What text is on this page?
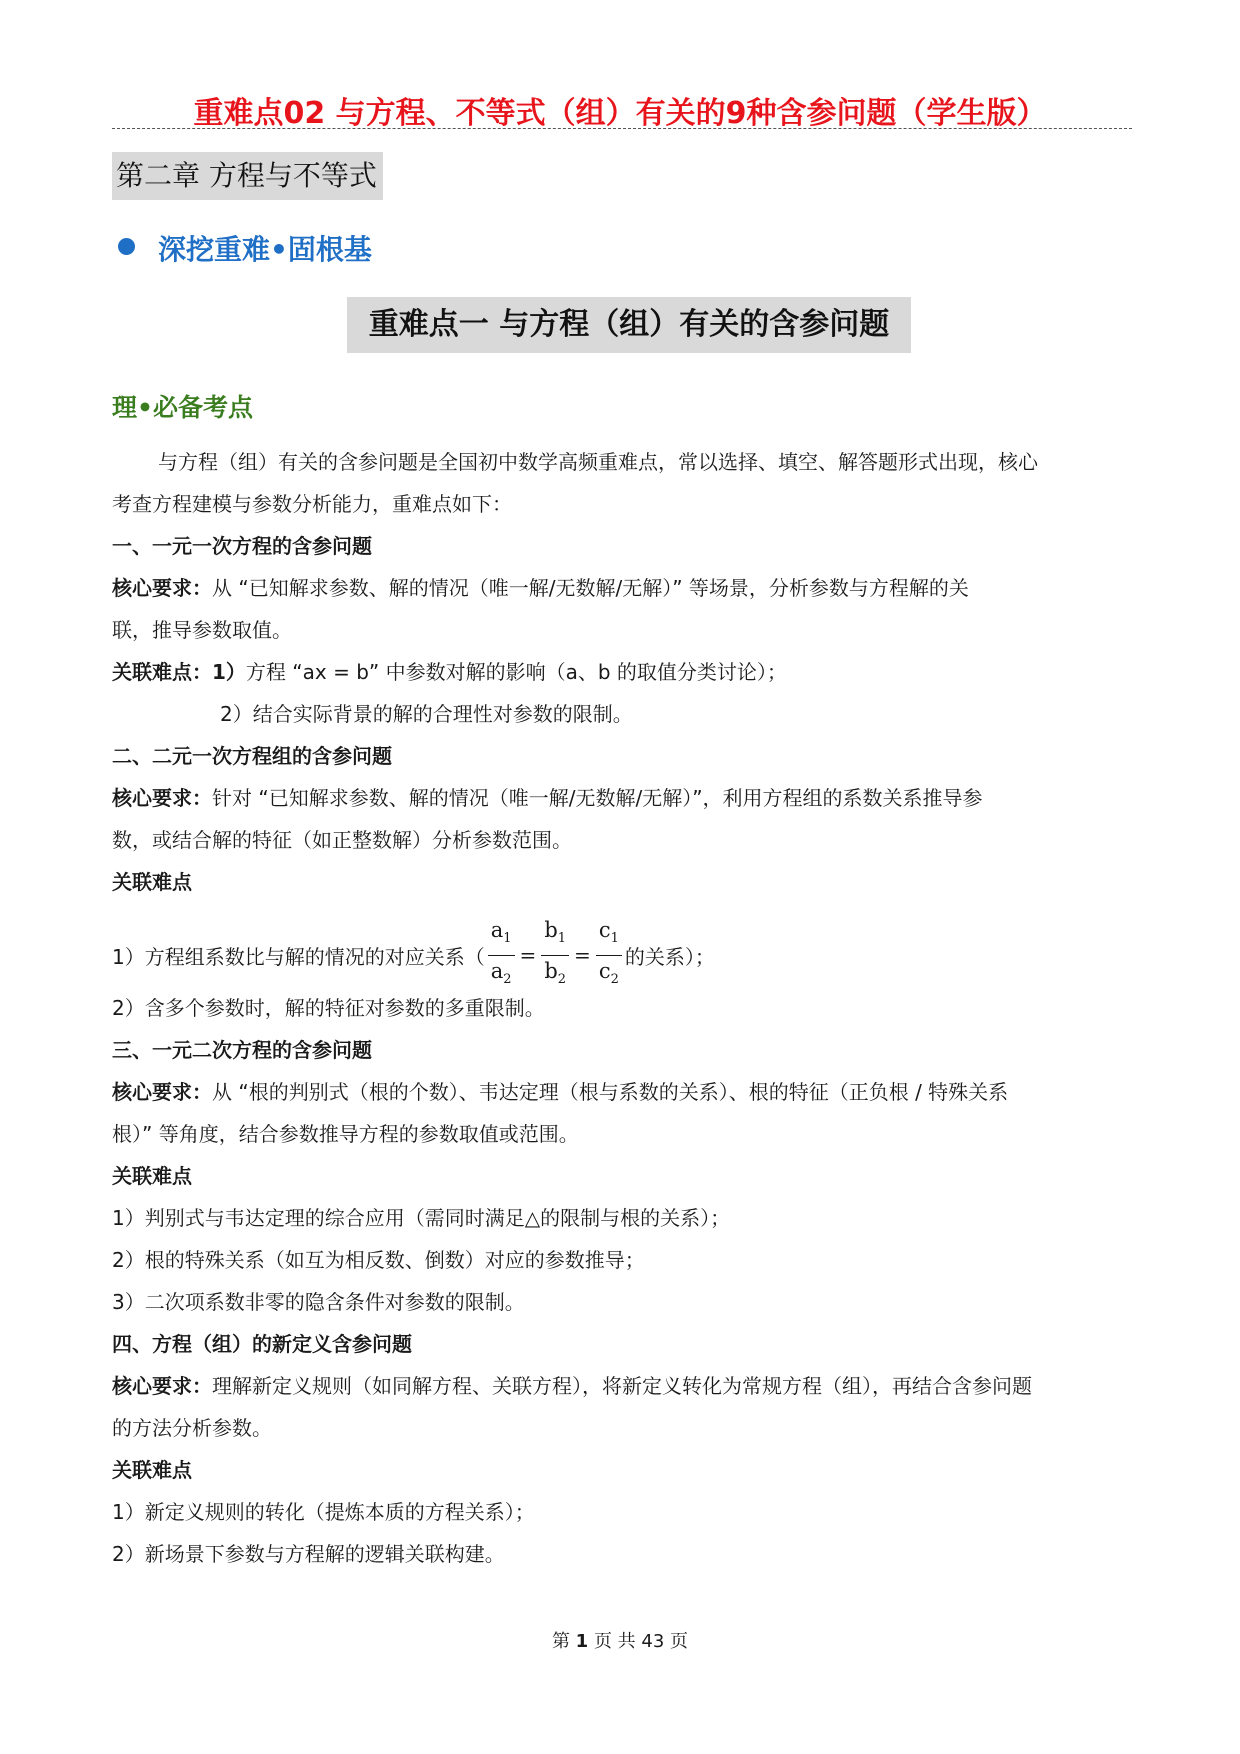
重难点02 与方程、不等式（组）有关的9种含参问题（学生版）
第二章 方程与不等式
深挖重难•固根基
重难点一 与方程（组）有关的含参问题
理•必备考点
与方程（组）有关的含参问题是全国初中数学高频重难点，常以选择、填空、解答题形式出现，核心
考查方程建模与参数分析能力，重难点如下：
一、一元一次方程的含参问题
核心要求：从 “已知解求参数、解的情况（唯一解/无数解/无解）” 等场景，分析参数与方程解的关
联，推导参数取值。
关联难点：1）方程 “ax = b” 中参数对解的影响（a、b 的取值分类讨论）；
2）结合实际背景的解的合理性对参数的限制。
二、二元一次方程组的含参问题
核心要求：针对 “已知解求参数、解的情况（唯一解/无数解/无解）”，利用方程组的系数关系推导参
数，或结合解的特征（如正整数解）分析参数范围。
关联难点
1）方程组系数比与解的情况的对应关系（ $\frac{a_1}{a_2} = \frac{b_1}{b_2} = \frac{c_1}{c_2}$ 的关系）；
2）含多个参数时，解的特征对参数的多重限制。
三、一元二次方程的含参问题
核心要求：从 “根的判别式（根的个数）、韦达定理（根与系数的关系）、根的特征（正负根 / 特殊关系
根）” 等角度，结合参数推导方程的参数取值或范围。
关联难点
1）判别式与韦达定理的综合应用（需同时满足△的限制与根的关系）；
2）根的特殊关系（如互为相反数、倒数）对应的参数推导；
3）二次项系数非零的隐含条件对参数的限制。
四、方程（组）的新定义含参问题
核心要求：理解新定义规则（如同解方程、关联方程），将新定义转化为常规方程（组），再结合含参问题
的方法分析参数。
关联难点
1）新定义规则的转化（提炼本质的方程关系）；
2）新场景下参数与方程解的逻辑关联构建。
第 1 页 共 43 页
